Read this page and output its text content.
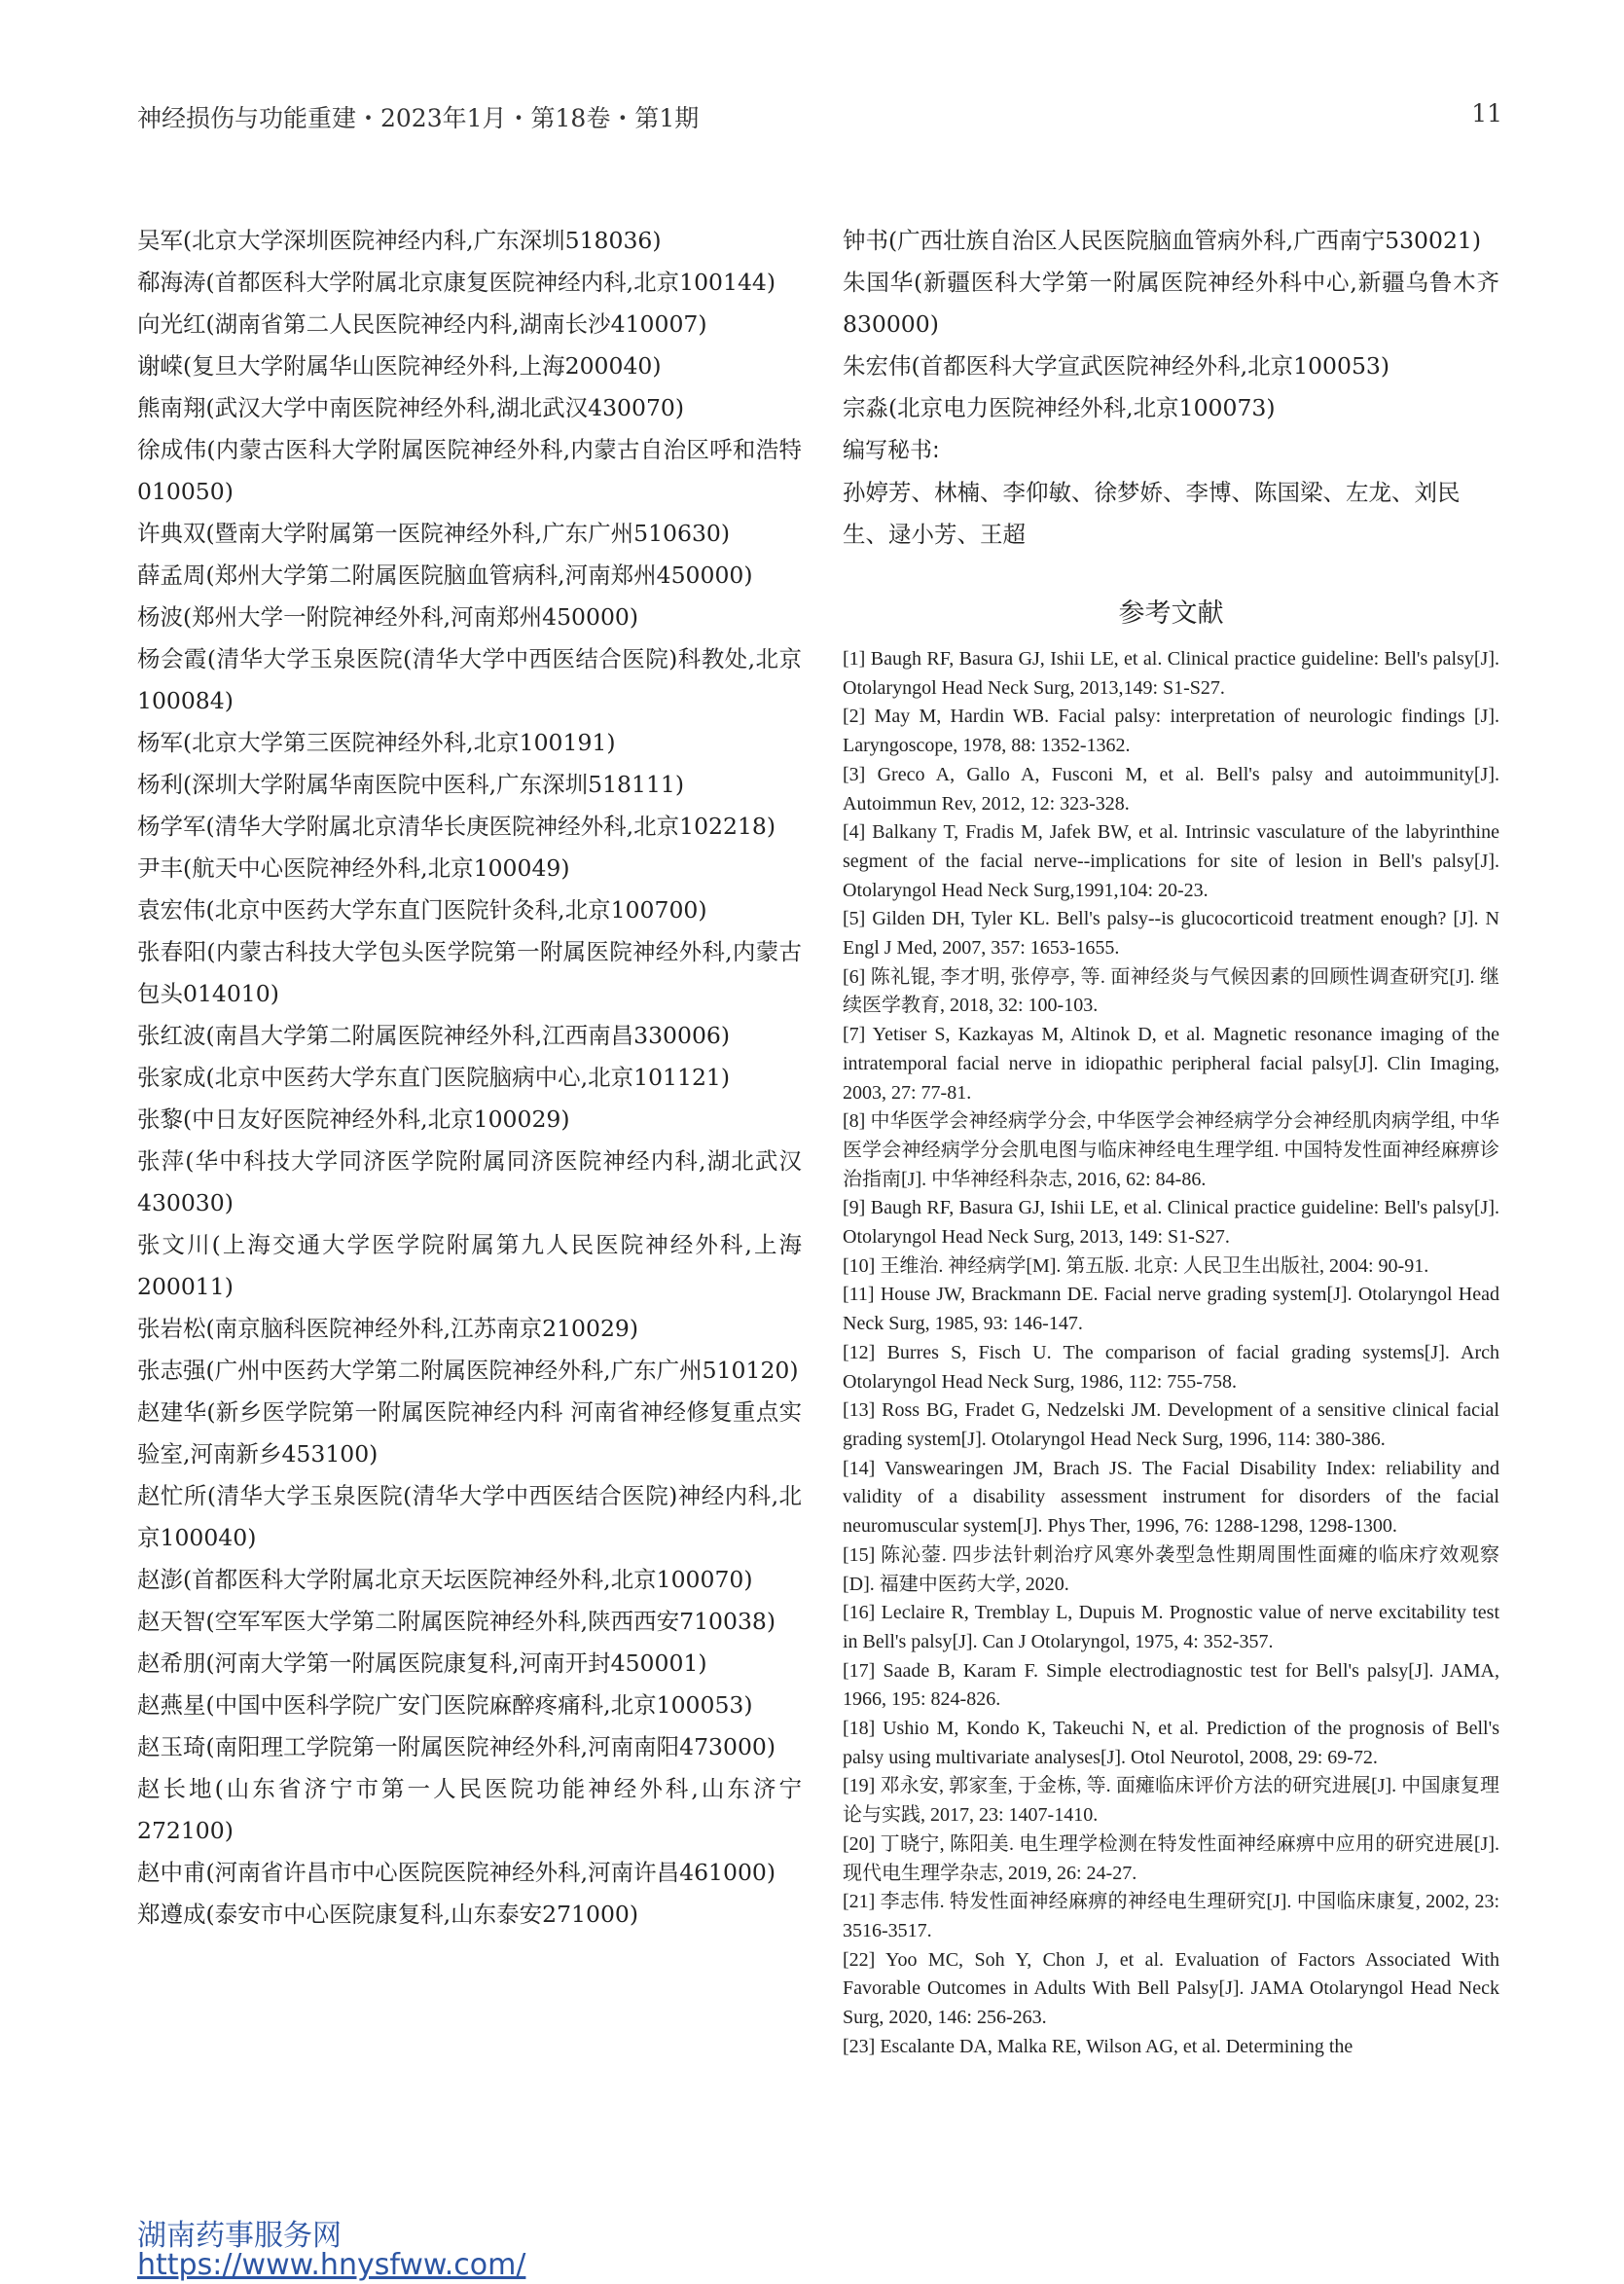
神经损伤与功能重建・2023年1月・第18卷・第1期	11
吴军(北京大学深圳医院神经内科,广东深圳518036)
郗海涛(首都医科大学附属北京康复医院神经内科,北京100144)
向光红(湖南省第二人民医院神经内科,湖南长沙410007)
谢嵘(复旦大学附属华山医院神经外科,上海200040)
熊南翔(武汉大学中南医院神经外科,湖北武汉430070)
徐成伟(内蒙古医科大学附属医院神经外科,内蒙古自治区呼和浩特010050)
许典双(暨南大学附属第一医院神经外科,广东广州510630)
薛孟周(郑州大学第二附属医院脑血管病科,河南郑州450000)
杨波(郑州大学一附院神经外科,河南郑州450000)
杨会霞(清华大学玉泉医院(清华大学中西医结合医院)科教处,北京100084)
杨军(北京大学第三医院神经外科,北京100191)
杨利(深圳大学附属华南医院中医科,广东深圳518111)
杨学军(清华大学附属北京清华长庚医院神经外科,北京102218)
尹丰(航天中心医院神经外科,北京100049)
袁宏伟(北京中医药大学东直门医院针灸科,北京100700)
张春阳(内蒙古科技大学包头医学院第一附属医院神经外科,内蒙古包头014010)
张红波(南昌大学第二附属医院神经外科,江西南昌330006)
张家成(北京中医药大学东直门医院脑病中心,北京101121)
张黎(中日友好医院神经外科,北京100029)
张萍(华中科技大学同济医学院附属同济医院神经内科,湖北武汉430030)
张文川(上海交通大学医学院附属第九人民医院神经外科,上海200011)
张岩松(南京脑科医院神经外科,江苏南京210029)
张志强(广州中医药大学第二附属医院神经外科,广东广州510120)
赵建华(新乡医学院第一附属医院神经内科 河南省神经修复重点实验室,河南新乡453100)
赵忙所(清华大学玉泉医院(清华大学中西医结合医院)神经内科,北京100040)
赵澎(首都医科大学附属北京天坛医院神经外科,北京100070)
赵天智(空军军医大学第二附属医院神经外科,陕西西安710038)
赵希朋(河南大学第一附属医院康复科,河南开封450001)
赵燕星(中国中医科学院广安门医院麻醉疼痛科,北京100053)
赵玉琦(南阳理工学院第一附属医院神经外科,河南南阳473000)
赵长地(山东省济宁市第一人民医院功能神经外科,山东济宁272100)
赵中甫(河南省许昌市中心医院医院神经外科,河南许昌461000)
郑遵成(泰安市中心医院康复科,山东泰安271000)
钟书(广西壮族自治区人民医院脑血管病外科,广西南宁530021)
朱国华(新疆医科大学第一附属医院神经外科中心,新疆乌鲁木齐830000)
朱宏伟(首都医科大学宣武医院神经外科,北京100053)
宗淼(北京电力医院神经外科,北京100073)
编写秘书:
孙婷芳、林楠、李仰敏、徐梦娇、李博、陈国梁、左龙、刘民生、逯小芳、王超
参考文献
[1] Baugh RF, Basura GJ, Ishii LE, et al. Clinical practice guideline: Bell's palsy[J]. Otolaryngol Head Neck Surg, 2013,149: S1-S27.
[2] May M, Hardin WB. Facial palsy: interpretation of neurologic findings [J]. Laryngoscope, 1978, 88: 1352-1362.
[3] Greco A, Gallo A, Fusconi M, et al. Bell's palsy and autoimmunity[J]. Autoimmun Rev, 2012, 12: 323-328.
[4] Balkany T, Fradis M, Jafek BW, et al. Intrinsic vasculature of the labyrinthine segment of the facial nerve--implications for site of lesion in Bell's palsy[J]. Otolaryngol Head Neck Surg,1991,104: 20-23.
[5] Gilden DH, Tyler KL. Bell's palsy--is glucocorticoid treatment enough? [J]. N Engl J Med, 2007, 357: 1653-1655.
[6] 陈礼锟, 李才明, 张停亭, 等. 面神经炎与气候因素的回顾性调查研究[J]. 继续医学教育, 2018, 32: 100-103.
[7] Yetiser S, Kazkayas M, Altinok D, et al. Magnetic resonance imaging of the intratemporal facial nerve in idiopathic peripheral facial palsy[J]. Clin Imaging, 2003, 27: 77-81.
[8] 中华医学会神经病学分会, 中华医学会神经病学分会神经肌肉病学组, 中华医学会神经病学分会肌电图与临床神经电生理学组. 中国特发性面神经麻痹诊治指南[J]. 中华神经科杂志, 2016, 62: 84-86.
[9] Baugh RF, Basura GJ, Ishii LE, et al. Clinical practice guideline: Bell's palsy[J]. Otolaryngol Head Neck Surg, 2013, 149: S1-S27.
[10] 王维治. 神经病学[M]. 第五版. 北京: 人民卫生出版社, 2004: 90-91.
[11] House JW, Brackmann DE. Facial nerve grading system[J]. Otolaryngol Head Neck Surg, 1985, 93: 146-147.
[12] Burres S, Fisch U. The comparison of facial grading systems[J]. Arch Otolaryngol Head Neck Surg, 1986, 112: 755-758.
[13] Ross BG, Fradet G, Nedzelski JM. Development of a sensitive clinical facial grading system[J]. Otolaryngol Head Neck Surg, 1996, 114: 380-386.
[14] Vanswearingen JM, Brach JS. The Facial Disability Index: reliability and validity of a disability assessment instrument for disorders of the facial neuromuscular system[J]. Phys Ther, 1996, 76: 1288-1298, 1298-1300.
[15] 陈沁蓥. 四步法针刺治疗风寒外袭型急性期周围性面瘫的临床疗效观察[D]. 福建中医药大学, 2020.
[16] Leclaire R, Tremblay L, Dupuis M. Prognostic value of nerve excitability test in Bell's palsy[J]. Can J Otolaryngol, 1975, 4: 352-357.
[17] Saade B, Karam F. Simple electrodiagnostic test for Bell's palsy[J]. JAMA, 1966, 195: 824-826.
[18] Ushio M, Kondo K, Takeuchi N, et al. Prediction of the prognosis of Bell's palsy using multivariate analyses[J]. Otol Neurotol, 2008, 29: 69-72.
[19] 邓永安, 郭家奎, 于金栋, 等. 面瘫临床评价方法的研究进展[J]. 中国康复理论与实践, 2017, 23: 1407-1410.
[20] 丁晓宁, 陈阳美. 电生理学检测在特发性面神经麻痹中应用的研究进展[J]. 现代电生理学杂志, 2019, 26: 24-27.
[21] 李志伟. 特发性面神经麻痹的神经电生理研究[J]. 中国临床康复, 2002, 23: 3516-3517.
[22] Yoo MC, Soh Y, Chon J, et al. Evaluation of Factors Associated With Favorable Outcomes in Adults With Bell Palsy[J]. JAMA Otolaryngol Head Neck Surg, 2020, 146: 256-263.
[23] Escalante DA, Malka RE, Wilson AG, et al. Determining the
湖南药事服务网
https://www.hnysfww.com/
